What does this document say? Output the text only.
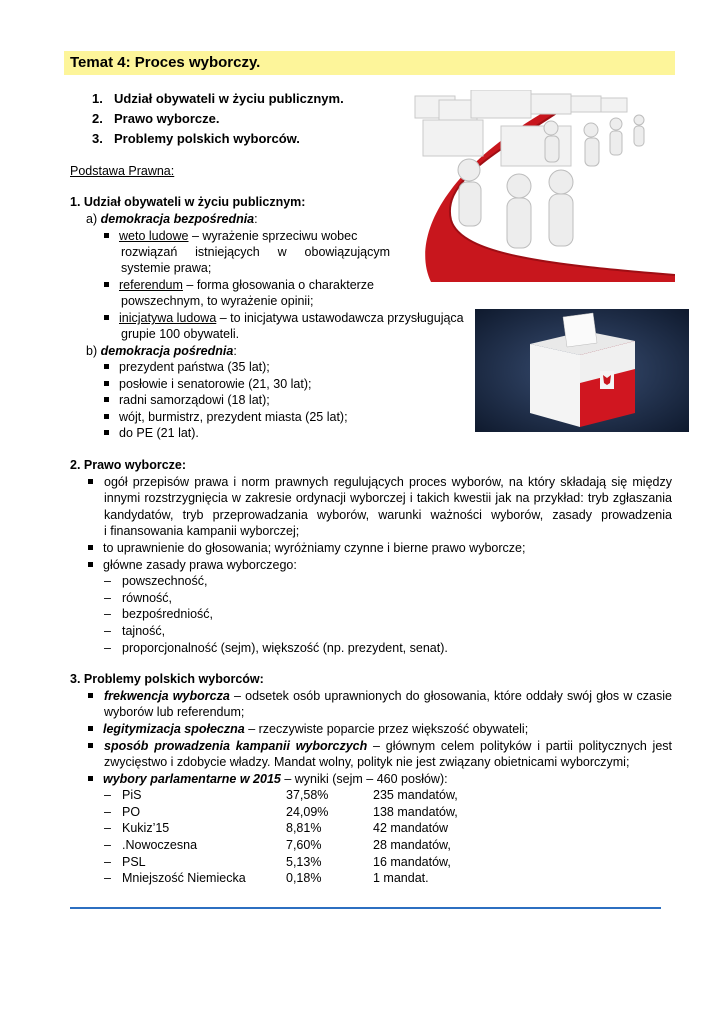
Temat 4: Proces wyborczy.
1. Udział obywateli w życiu publicznym.
2. Prawo wyborcze.
3. Problemy polskich wyborców.
Podstawa Prawna:
1. Udział obywateli w życiu publicznym:
a) demokracja bezpośrednia:
weto ludowe – wyrażenie sprzeciwu wobec
rozwiązań istniejących w obowiązującym
systemie prawa;
referendum – forma głosowania o charakterze
powszechnym, to wyrażenie opinii;
inicjatywa ludowa – to inicjatywa ustawodawcza przysługująca
grupie 100 obywateli.
b) demokracja pośrednia:
prezydent państwa (35 lat);
posłowie i senatorowie (21, 30 lat);
radni samorządowi (18 lat);
wójt, burmistrz, prezydent miasta (25 lat);
do PE (21 lat).
2. Prawo wyborcze:
ogół przepisów prawa i norm prawnych regulujących proces wyborów, na który składają się między
innymi rozstrzygnięcia w zakresie ordynacji wyborczej i takich kwestii jak na przykład: tryb zgłaszania
kandydatów, tryb przeprowadzania wyborów, warunki ważności wyborów, zasady prowadzenia
i finansowania kampanii wyborczej;
to uprawnienie do głosowania; wyróżniamy czynne i bierne prawo wyborcze;
główne zasady prawa wyborczego:
– powszechność,
– równość,
– bezpośredniość,
– tajność,
– proporcjonalność (sejm), większość (np. prezydent, senat).
3. Problemy polskich wyborców:
frekwencja wyborcza – odsetek osób uprawnionych do głosowania, które oddały swój głos w czasie
wyborów lub referendum;
legitymizacja społeczna – rzeczywiste poparcie przez większość obywateli;
sposób prowadzenia kampanii wyborczych – głównym celem polityków i partii politycznych jest
zwycięstwo i zdobycie władzy. Mandat wolny, polityk nie jest związany obietnicami wyborczymi;
wybory parlamentarne w 2015 – wyniki (sejm – 460 posłów):
– PiS	37,58%	235 mandatów,
– PO	24,09%	138 mandatów,
– Kukiz’15	8,81%	42 mandatów
– .Nowoczesna	7,60%	28 mandatów,
– PSL	5,13%	16 mandatów,
– Mniejszość Niemiecka	0,18%	1 mandat.
